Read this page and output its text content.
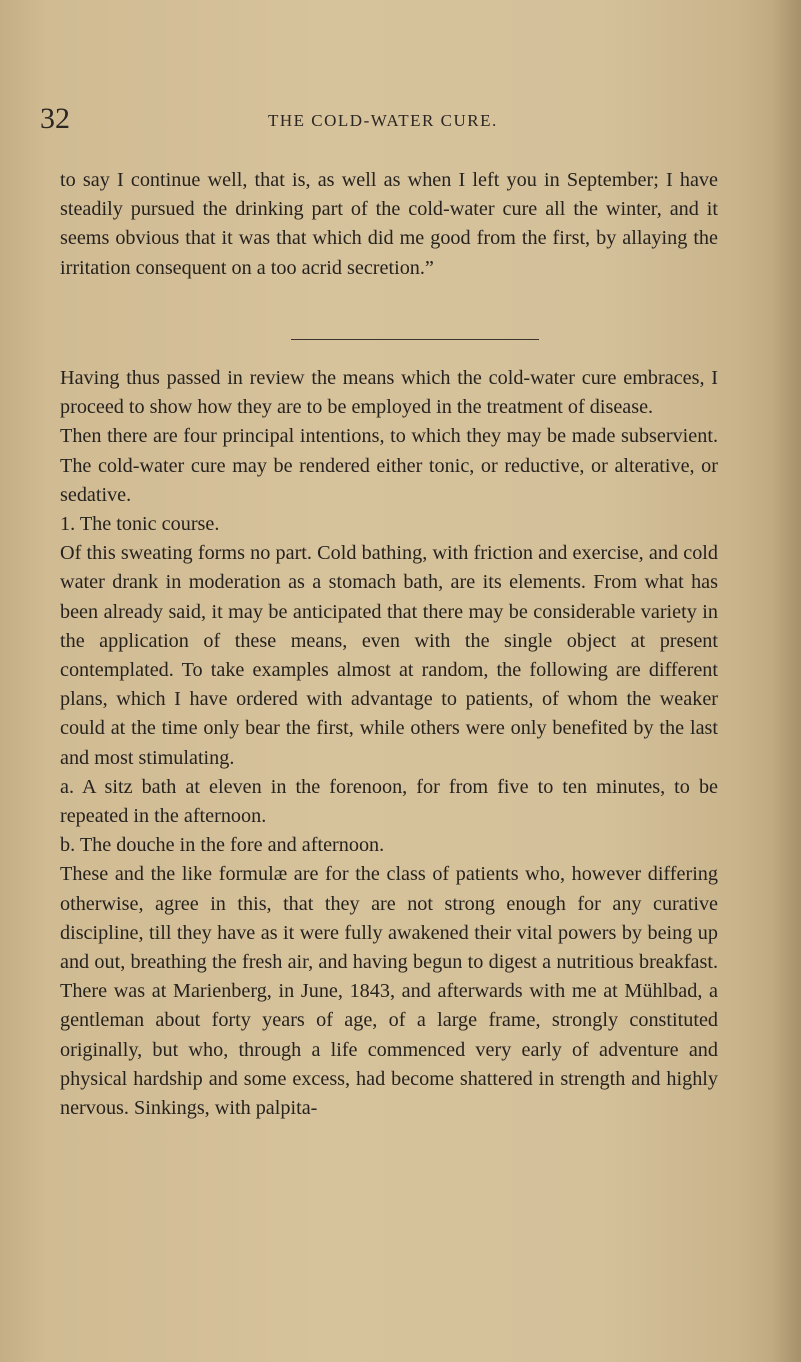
32	THE COLD-WATER CURE.

to say I continue well, that is, as well as when I left you in September; I have steadily pursued the drinking part of the cold-water cure all the winter, and it seems obvious that it was that which did me good from the first, by allaying the irritation consequent on a too acrid secretion.”

Having thus passed in review the means which the cold-water cure embraces, I proceed to show how they are to be employed in the treatment of disease.

Then there are four principal intentions, to which they may be made subservient. The cold-water cure may be rendered either tonic, or reductive, or alterative, or sedative.

1. The tonic course.

Of this sweating forms no part. Cold bathing, with friction and exercise, and cold water drank in moderation as a stomach bath, are its elements. From what has been already said, it may be anticipated that there may be considerable variety in the application of these means, even with the single object at present contemplated. To take examples almost at random, the following are different plans, which I have ordered with advantage to patients, of whom the weaker could at the time only bear the first, while others were only benefited by the last and most stimulating.

a. A sitz bath at eleven in the forenoon, for from five to ten minutes, to be repeated in the afternoon.

b. The douche in the fore and afternoon.

These and the like formulæ are for the class of patients who, however differing otherwise, agree in this, that they are not strong enough for any curative discipline, till they have as it were fully awakened their vital powers by being up and out, breathing the fresh air, and having begun to digest a nutritious breakfast. There was at Marienberg, in June, 1843, and afterwards with me at Mühlbad, a gentleman about forty years of age, of a large frame, strongly constituted originally, but who, through a life commenced very early of adventure and physical hardship and some excess, had become shattered in strength and highly nervous. Sinkings, with palpita-
